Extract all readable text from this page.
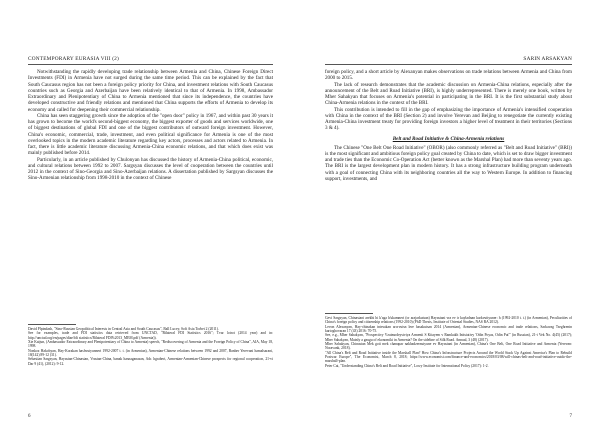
CONTEMPORARY EURASIA VIII (2)

Notwithstanding the rapidly developing trade relationship between Armenia and China, Chinese Foreign Direct Investments (FDI) in Armenia have not surged during the same time period. This can be explained by the fact that South Caucasus region has not been a foreign policy priority for China, and investment relations with South Caucasus countries such as Georgia and Azerbaijan have been relatively identical to that of Armenia. In 1998, Ambassador Extraordinary and Plenipotentiary of China to Armenia mentioned that since its independence, the countries have developed constructive and friendly relations and mentioned that China supports the efforts of Armenia to develop its economy and called for deepening their commercial relationship.

China has seen staggering growth since the adoption of the "open door" policy in 1967, and within past 30 years it has grown to become the world's second-biggest economy, the biggest exporter of goods and services worldwide, one of biggest destinations of global FDI and one of the biggest contributors of outward foreign investment. However, China's economic, commercial, trade, investment, and even political significance for Armenia is one of the most overlooked topics in the modern academic literature regarding key actors, processes and actors related to Armenia. In fact, there is little academic literature discussing Armenia-China economic relations, and that which does exist was mainly published before 2014.

Particularly, in an article published by Chulonyan has discussed the history of Armenia-China political, economic, and cultural relations between 1992 to 2007. Sargsyan discusses the level of cooperation between the countries until 2012 in the context of Sino-Georgia and Sino-Azerbaijan relations. A dissertation published by Sargsyan discusses the Sino-Armenian relationship from 1998-2010 in the context of Chinese

David Plpindash, "Sino-Russian Geopolitical Interests in Central Asia and South Caucasus", Ball Lucey, Soft Asia Torbet 2 (2011).
See for examples, trade and FDI statistics data retrieved from UNCTAD, "Bilateral FDI Statistics 2016"; Tvar lotrot (2014 year) and in: http://unctad.org/en/pages/diae/fdi statistics/Bilateral FDI%2013_MEM.pdf (Armenia)).
Xie Kaijun, (Ambassador Extraordinary and Plenipotentiary of China to Armenia) speech, "Rediscovering of Armenia and the Foreign Policy of China", AIA, May 18, 1998.
Nonkoz Hakobyan, Hay-Korakan hashvutyunneri 1992-2007 t. t. (in Armenian), Armenian-Chinese relations between 1992 and 2007, Banber Yerevani hamalsarani, 18(142) 89-12 (31).
Sebastian Sargsyan, Hayastan-Chinastan, Vrastan-China, banak hasnaganasan, Adr. hgraberi, Armenian-Armenian-Chinese prospects for regional cooperation, 21-vi Dar 9 (41), (2012): 9-12.
6
SARIN ARSAKYAN

foreign policy, and a short article by Alexanyan makes observations on trade relations between Armenia and China from 2000 to 2015.

The lack of research demonstrates that the academic discussion on Armenia-China relations, especially after the announcement of the Belt and Road Initiative (BRI), is highly underrepresented. There is merely one book, written by Mher Sahakyan that focuses on Armenia's potential in participating in the BRI. It is the first substantial study about China-Armenia relations in the context of the BRI.

This contribution is intended to fill in the gap of emphasizing the importance of Armenia's intensified cooperation with China in the context of the BRI (Section 2) and involve Yerevan and Beijing to renegotiate the currently existing Armenia-China investment treaty for providing foreign investors a higher level of treatment in their territories (Sections 3 & 4).

Belt and Road Initiative & China-Armenia relations

The Chinese "One Belt One Road Initiative" (OBOR) (also commonly referred as "Belt and Road Initiative" (BRI)) is the most significant and ambitious foreign policy goal created by China to date, which is set to draw bigger investment and trade ties than the Economic Co-Operation Act (better known as the Marshal Plan) had more than seventy years ago. The BRI is the largest development plan in modern history. It has a strong infrastructure building program underneath with a goal of connecting China with its neighboring countries all the way to Western Europe. In addition to financing support, investments, and

Gevi Sargsyan, Chinastani arekhi hi k'aga h'ukamneri (or arajarkutsan) Hayastani vra ev ir kayladnan karkvuttyuner: h (1992-2010 t. t.) (in Armenian), Peculiarities of China's foreign policy and citizenship relations (1992-2010) (PhD Thesis, Institute of Oriental Studies, NAS RA 2012).
Levon Alexanyan, Hay-chinakan tntesakan arcrvutsn lere hasakutsan 2014 (Armenian), Armenian-Chinese economic and trade relations, Sarkavag Tseghrenin kartoghovaran 17 (43) 2016: 70-75.
See, e.g., Mher Sahakyan, "Prospectivy Vzaimodeystviya Armenii S Kitayem v Ramkakh Initsiativy 'Odin Poyas, Odin Put'" (in Russian), 21-i Vek No. 4(45) (2017); Mher Sahakyan, Mainly a gaugu of ekonomiki in Armenia? On the sideline of Silk Road. Annual, 3 (48) (2017).
Mher Sahakyan, Chinastan Mek goti mek chanapar nakhadzernutyune ev Hayastani (in Armenian), China's One Belt, One Road Initiative and Armenia (Yerevan: Noravank, 2018).
"All China's Belt and Road Initiative inside the Marshall Plan? How China's Infrastructure Projects Around the World Stack Up Against America's Plan to Rebuild Postwar Europe", The Economist, March 8, 2018; https://www.economist.com/finance-and-economics/2018/03/08/will-chinas-belt-and-road-initiative-outdo-the-marshall-plan.
Peter Cai, "Understanding China's Belt and Road Initiative", Lowy Institute for International Policy (2017): 1-2.
7
